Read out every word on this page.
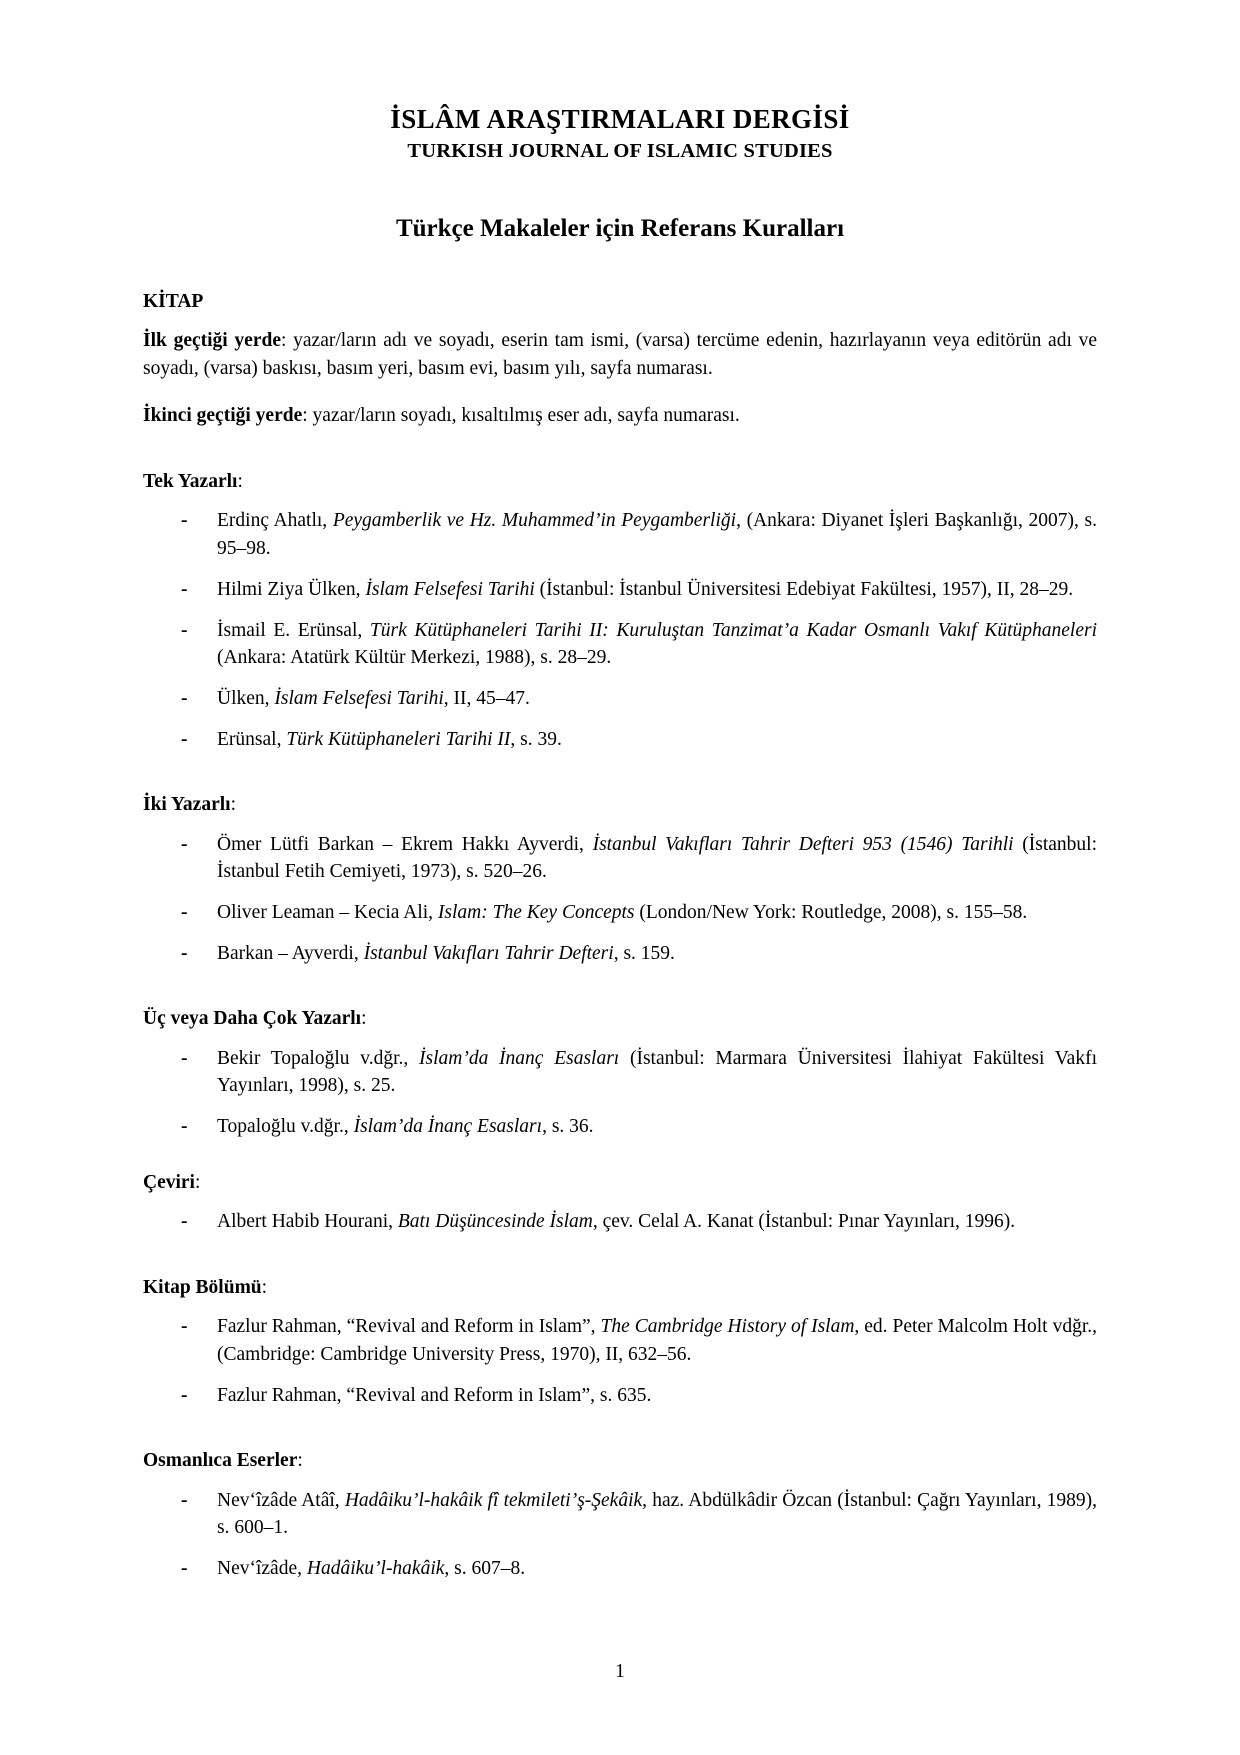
İSLÂM ARAŞTIRMALARI DERGİSİ
TURKISH JOURNAL OF ISLAMIC STUDIES
Türkçe Makaleler için Referans Kuralları
KİTAP

İlk geçtiği yerde: yazar/ların adı ve soyadı, eserin tam ismi, (varsa) tercüme edenin, hazırlayanın veya editörün adı ve soyadı, (varsa) baskısı, basım yeri, basım evi, basım yılı, sayfa numarası.

İkinci geçtiği yerde: yazar/ların soyadı, kısaltılmış eser adı, sayfa numarası.

Tek Yazarlı:
- Erdinç Ahatlı, Peygamberlik ve Hz. Muhammed’in Peygamberliği, (Ankara: Diyanet İşleri Başkanlığı, 2007), s. 95–98.
- Hilmi Ziya Ülken, İslam Felsefesi Tarihi (İstanbul: İstanbul Üniversitesi Edebiyat Fakültesi, 1957), II, 28–29.
- İsmail E. Erünsal, Türk Kütüphaneleri Tarihi II: Kuruluştan Tanzimat’a Kadar Osmanlı Vakıf Kütüphaneleri (Ankara: Atatürk Kültür Merkezi, 1988), s. 28–29.
- Ülken, İslam Felsefesi Tarihi, II, 45–47.
- Erünsal, Türk Kütüphaneleri Tarihi II, s. 39.
İki Yazarlı:
- Ömer Lütfi Barkan – Ekrem Hakkı Ayverdi, İstanbul Vakıfları Tahrir Defteri 953 (1546) Tarihli (İstanbul: İstanbul Fetih Cemiyeti, 1973), s. 520–26.
- Oliver Leaman – Kecia Ali, Islam: The Key Concepts (London/New York: Routledge, 2008), s. 155–58.
- Barkan – Ayverdi, İstanbul Vakıfları Tahrir Defteri, s. 159.
Üç veya Daha Çok Yazarlı:
- Bekir Topaloğlu v.dğr., İslam’da İnanç Esasları (İstanbul: Marmara Üniversitesi İlahiyat Fakültesi Vakfı Yayınları, 1998), s. 25.
- Topaloğlu v.dğr., İslam’da İnanç Esasları, s. 36.
Çeviri:
- Albert Habib Hourani, Batı Düşüncesinde İslam, çev. Celal A. Kanat (İstanbul: Pınar Yayınları, 1996).
Kitap Bölümü:
- Fazlur Rahman, “Revival and Reform in Islam”, The Cambridge History of Islam, ed. Peter Malcolm Holt vdğr., (Cambridge: Cambridge University Press, 1970), II, 632–56.
- Fazlur Rahman, “Revival and Reform in Islam”, s. 635.
Osmanlıca Eserler:
- Nev‘îzâde Atâî, Hadâiku’l-hakâik fî tekmileti’ş-Şekâik, haz. Abdülkâdir Özcan (İstanbul: Çağrı Yayınları, 1989), s. 600–1.
- Nev‘îzâde, Hadâiku’l-hakâik, s. 607–8.
1
